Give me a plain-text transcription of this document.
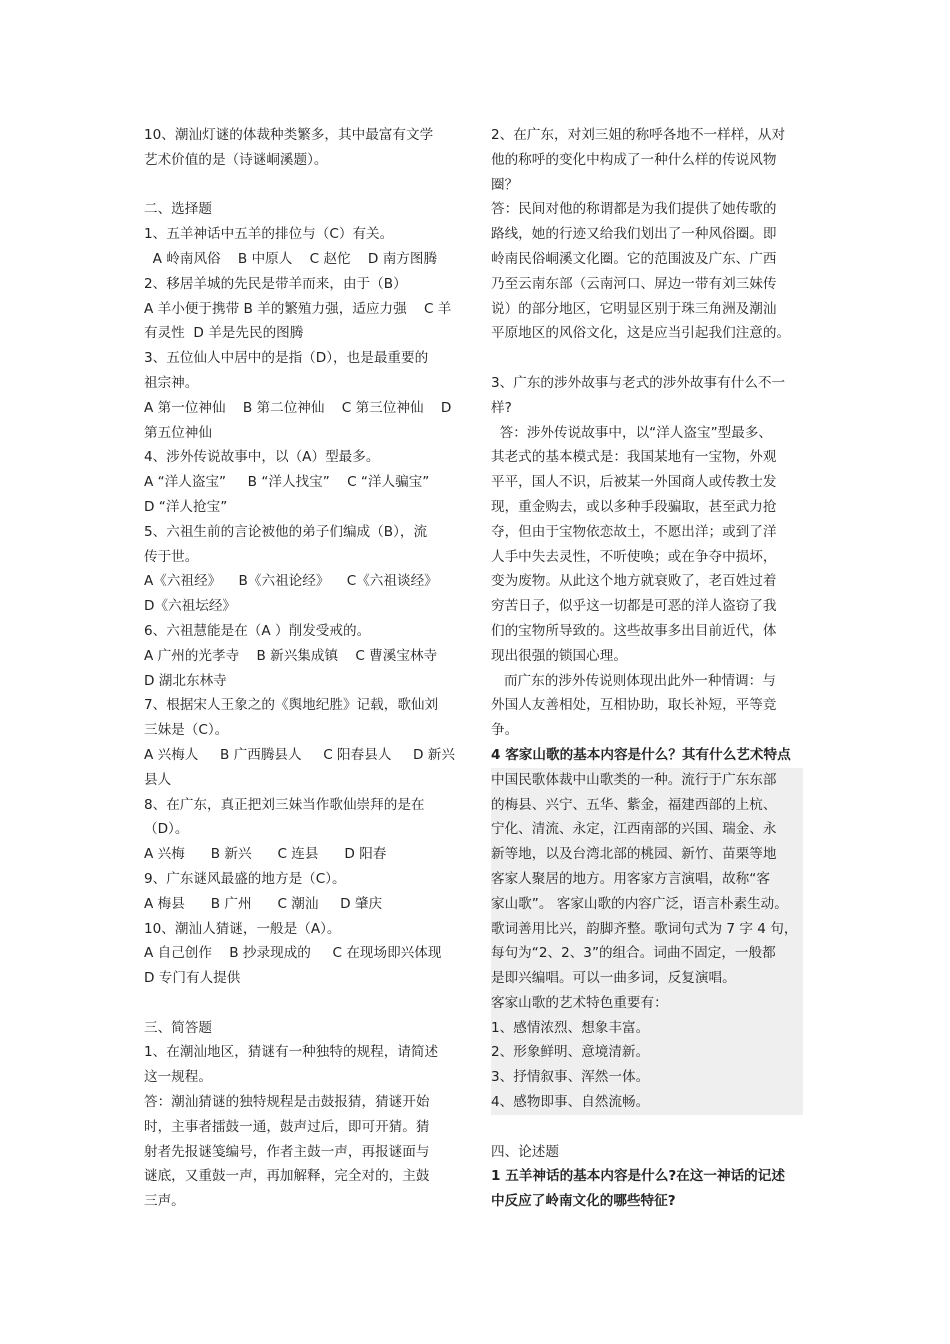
10、潮汕灯谜的体裁种类繁多，其中最富有文学
艺术价值的是（诗谜峒溪题）。
二、选择题
1、五羊神话中五羊的排位与（C）有关。
A 岭南风俗    B 中原人    C 赵佗    D 南方图腾
2、移居羊城的先民是带羊而来，由于（B）
A 羊小便于携带 B 羊的繁殖力强，适应力强    C 羊
有灵性  D 羊是先民的图腾
3、五位仙人中居中的是指（D），也是最重要的
祖宗神。
A 第一位神仙    B 第二位神仙    C 第三位神仙    D
第五位神仙
4、涉外传说故事中，以（A）型最多。
A “洋人盗宝”     B “洋人找宝”    C “洋人骗宝”
D “洋人抢宝”
5、六祖生前的言论被他的弟子们编成（B），流
传于世。
A《六祖经》    B《六祖论经》    C《六祖谈经》
D《六祖坛经》
6、六祖慧能是在（A ）削发受戒的。
A 广州的光孝寺    B 新兴集成镇    C 曹溪宝林寺
D 湖北东林寺
7、根据宋人王象之的《舆地纪胜》记载，歌仙刘
三妹是（C）。
A 兴梅人     B 广西腾县人     C 阳春县人     D 新兴
县人
8、在广东，真正把刘三妹当作歌仙崇拜的是在
（D）。
A 兴梅      B 新兴      C 连县      D 阳春
9、广东谜风最盛的地方是（C）。
A 梅县      B 广州      C 潮汕     D 肇庆
10、潮汕人猜谜，一般是（A）。
A 自己创作    B 抄录现成的     C 在现场即兴体现
D 专门有人提供
三、简答题
1、在潮汕地区，猜谜有一种独特的规程，请简述
这一规程。
答：潮汕猜谜的独特规程是击鼓报猜，猜谜开始
时，主事者擂鼓一通，鼓声过后，即可开猜。猜
射者先报谜笺编号，作者主鼓一声，再报谜面与
谜底，又重鼓一声，再加解释，完全对的，主鼓
三声。
2、在广东，对刘三姐的称呼各地不一样样，从对
他的称呼的变化中构成了一种什么样的传说风物
圈？
答：民间对他的称谓都是为我们提供了她传歌的
路线，她的行迹又给我们划出了一种风俗圈。即
岭南民俗峒溪文化圈。它的范围波及广东、广西
乃至云南东部（云南河口、屏边一带有刘三妹传
说）的部分地区，它明显区别于珠三角洲及潮汕
平原地区的风俗文化，这是应当引起我们注意的。
3、广东的涉外故事与老式的涉外故事有什么不一
样?
答：涉外传说故事中，以“洋人盗宝”型最多、
其老式的基本模式是：我国某地有一宝物，外观
平平，国人不识，后被某一外国商人或传教士发
现，重金购去，或以多种手段骗取，甚至武力抢
夺，但由于宝物依恋故土，不愿出洋；或到了洋
人手中失去灵性，不听使唤；或在争夺中损坏，
变为废物。从此这个地方就衰败了，老百姓过着
穷苦日子，似乎这一切都是可恶的洋人盗窃了我
们的宝物所导致的。这些故事多出目前近代，体
现出很强的锁国心理。
而广东的涉外传说则体现出此外一种情调：与
外国人友善相处，互相协助，取长补短，平等竞
争。
4 客家山歌的基本内容是什么？其有什么艺术特点
中国民歌体裁中山歌类的一种。流行于广东东部
的梅县、兴宁、五华、紫金，福建西部的上杭、
宁化、清流、永定，江西南部的兴国、瑞金、永
新等地，以及台湾北部的桃园、新竹、苗栗等地
客家人聚居的地方。用客家方言演唱，故称“客
家山歌”。 客家山歌的内容广泛，语言朴素生动。
歌词善用比兴，韵脚齐整。歌词句式为 7 字 4 句，
每句为“2、2、3”的组合。词曲不固定，一般都
是即兴编唱。可以一曲多词，反复演唱。
客家山歌的艺术特色重要有：
1、感情浓烈、想象丰富。
2、形象鲜明、意境清新。
3、抒情叙事、浑然一体。
4、感物即事、自然流畅。
四、论述题
1 五羊神话的基本内容是什么?在这一神话的记述
中反应了岭南文化的哪些特征?
